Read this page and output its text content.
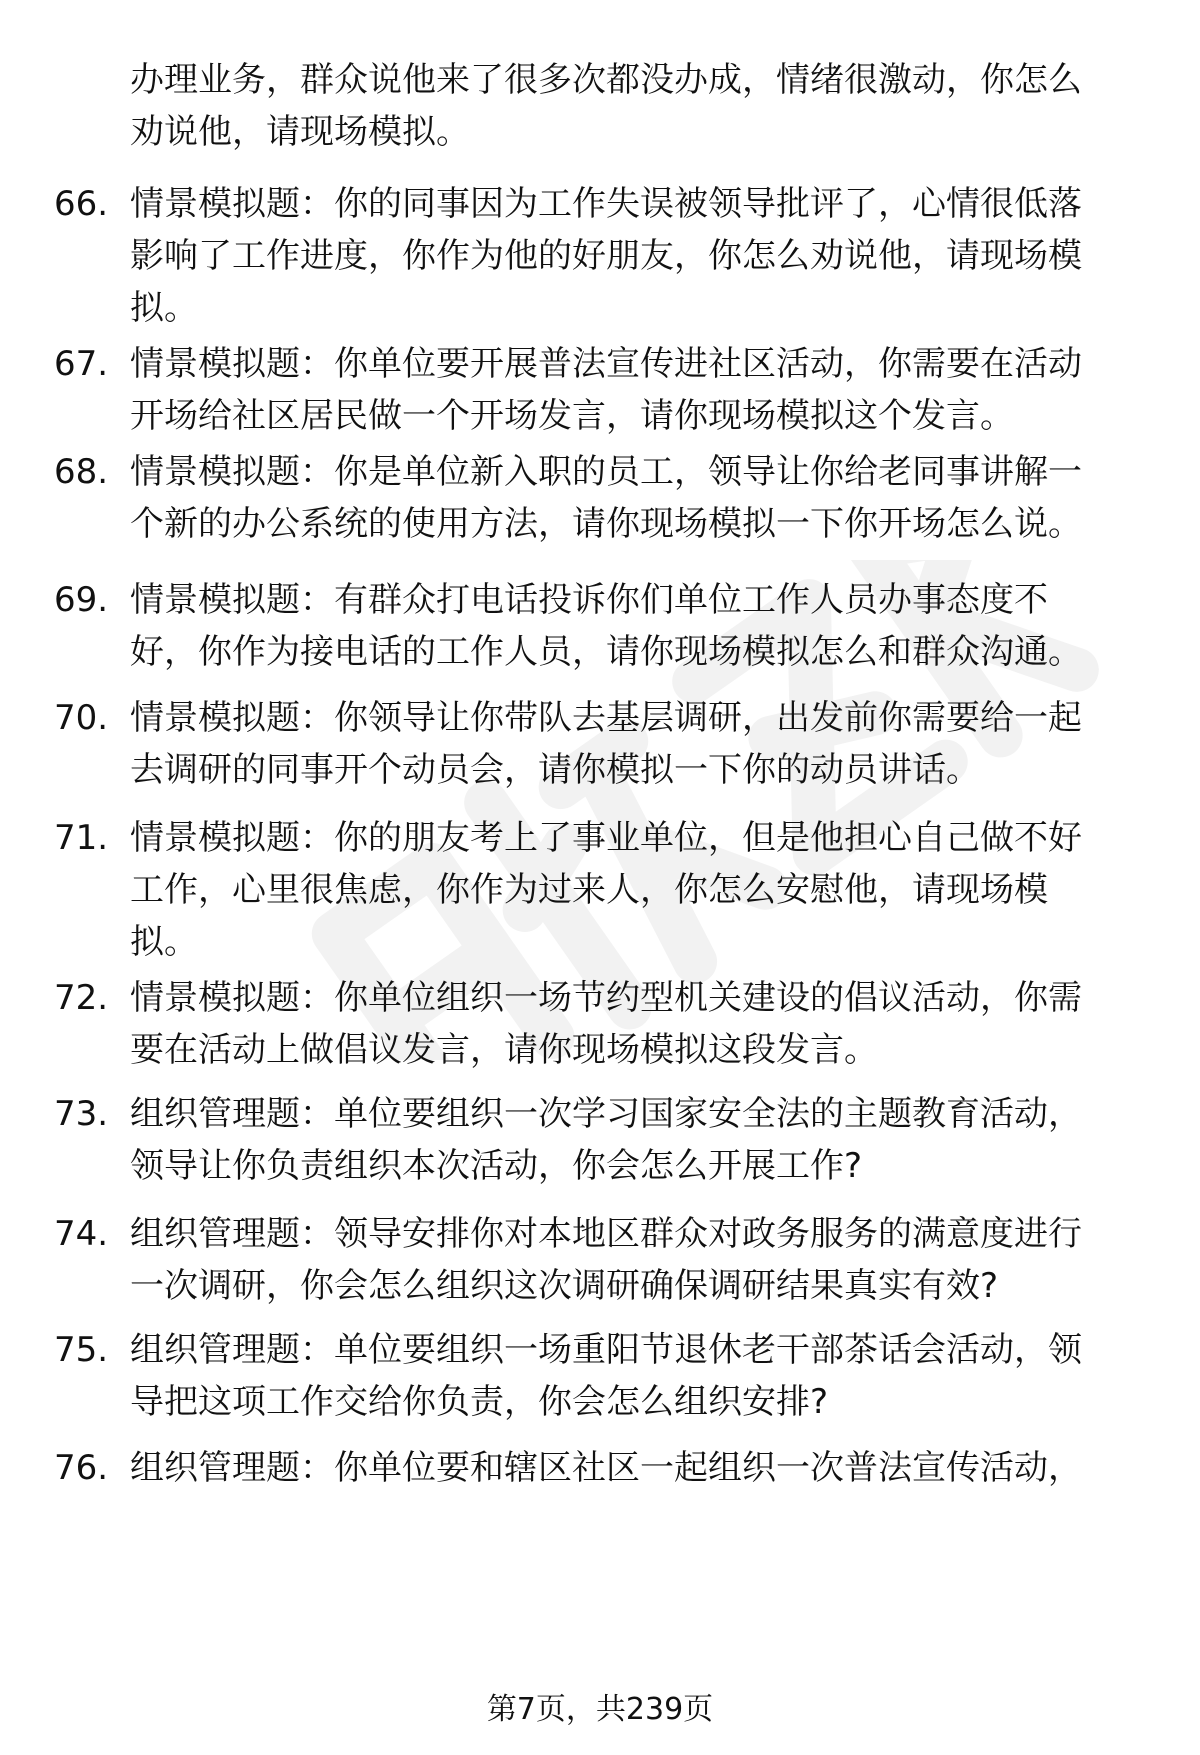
办理业务，群众说他来了很多次都没办成，情绪很激动，你怎么
劝说他，请现场模拟。
66. 情景模拟题：你的同事因为工作失误被领导批评了，心情很低落
影响了工作进度，你作为他的好朋友，你怎么劝说他，请现场模
拟。
67. 情景模拟题：你单位要开展普法宣传进社区活动，你需要在活动
开场给社区居民做一个开场发言，请你现场模拟这个发言。
68. 情景模拟题：你是单位新入职的员工，领导让你给老同事讲解一
个新的办公系统的使用方法，请你现场模拟一下你开场怎么说。
69. 情景模拟题：有群众打电话投诉你们单位工作人员办事态度不
好，你作为接电话的工作人员，请你现场模拟怎么和群众沟通。
70. 情景模拟题：你领导让你带队去基层调研，出发前你需要给一起
去调研的同事开个动员会，请你模拟一下你的动员讲话。
71. 情景模拟题：你的朋友考上了事业单位，但是他担心自己做不好
工作，心里很焦虑，你作为过来人，你怎么安慰他，请现场模
拟。
72. 情景模拟题：你单位组织一场节约型机关建设的倡议活动，你需
要在活动上做倡议发言，请你现场模拟这段发言。
73. 组织管理题：单位要组织一次学习国家安全法的主题教育活动，
领导让你负责组织本次活动，你会怎么开展工作?
74. 组织管理题：领导安排你对本地区群众对政务服务的满意度进行
一次调研，你会怎么组织这次调研确保调研结果真实有效?
75. 组织管理题：单位要组织一场重阳节退休老干部茶话会活动，领
导把这项工作交给你负责，你会怎么组织安排?
76. 组织管理题：你单位要和辖区社区一起组织一次普法宣传活动，
第7页，共239页
